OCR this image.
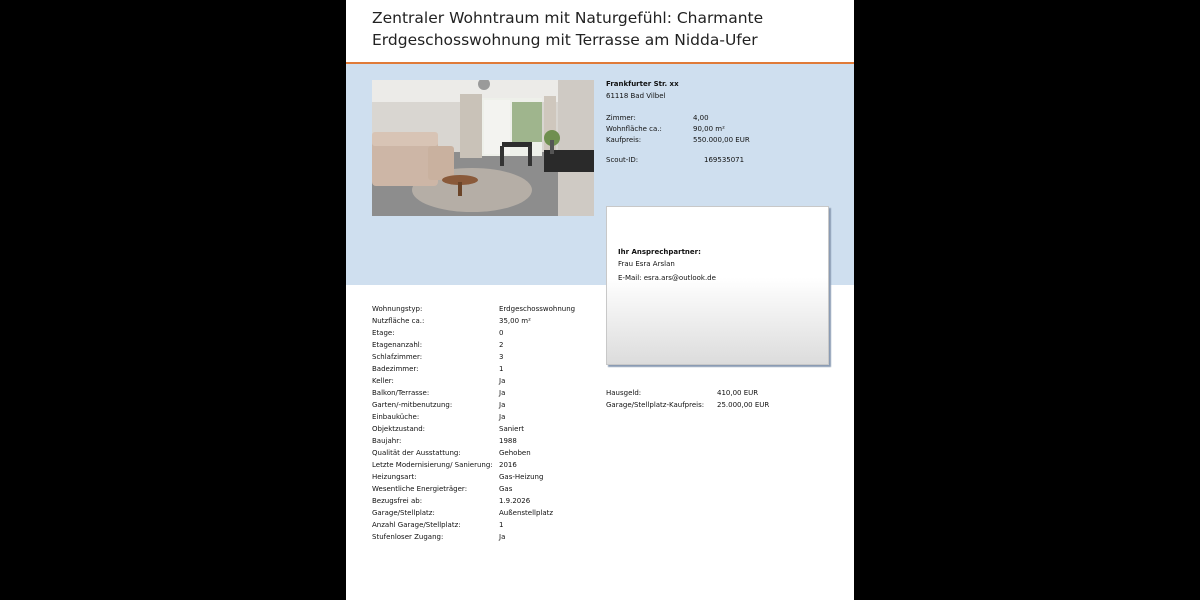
Zentraler Wohntraum mit Naturgefühl: Charmante Erdgeschosswohnung mit Terrasse am Nidda-Ufer
Frankfurter Str. xx
61118 Bad Vilbel
Zimmer:	4,00
Wohnfläche ca.:	90,00 m²
Kaufpreis:	550.000,00 EUR
Scout-ID:	169535071
Ihr Ansprechpartner:
Frau Esra Arslan
E-Mail: esra.ars@outlook.de
Hausgeld:	410,00 EUR
Garage/Stellplatz-Kaufpreis: 25.000,00 EUR
Wohnungstyp:	Erdgeschosswohnung
Nutzfläche ca.:	35,00 m²
Etage:	0
Etagenanzahl:	2
Schlafzimmer:	3
Badezimmer:	1
Keller:	Ja
Balkon/Terrasse:	Ja
Garten/-mitbenutzung:	Ja
Einbauküche:	Ja
Objektzustand:	Saniert
Baujahr:	1988
Qualität der Ausstattung:	Gehoben
Letzte Modernisierung/ Sanierung: 2016
Heizungsart:	Gas-Heizung
Wesentliche Energieträger:	Gas
Bezugsfrei ab:	1.9.2026
Garage/Stellplatz:	Außenstellplatz
Anzahl Garage/Stellplatz:	1
Stufenloser Zugang:	Ja
